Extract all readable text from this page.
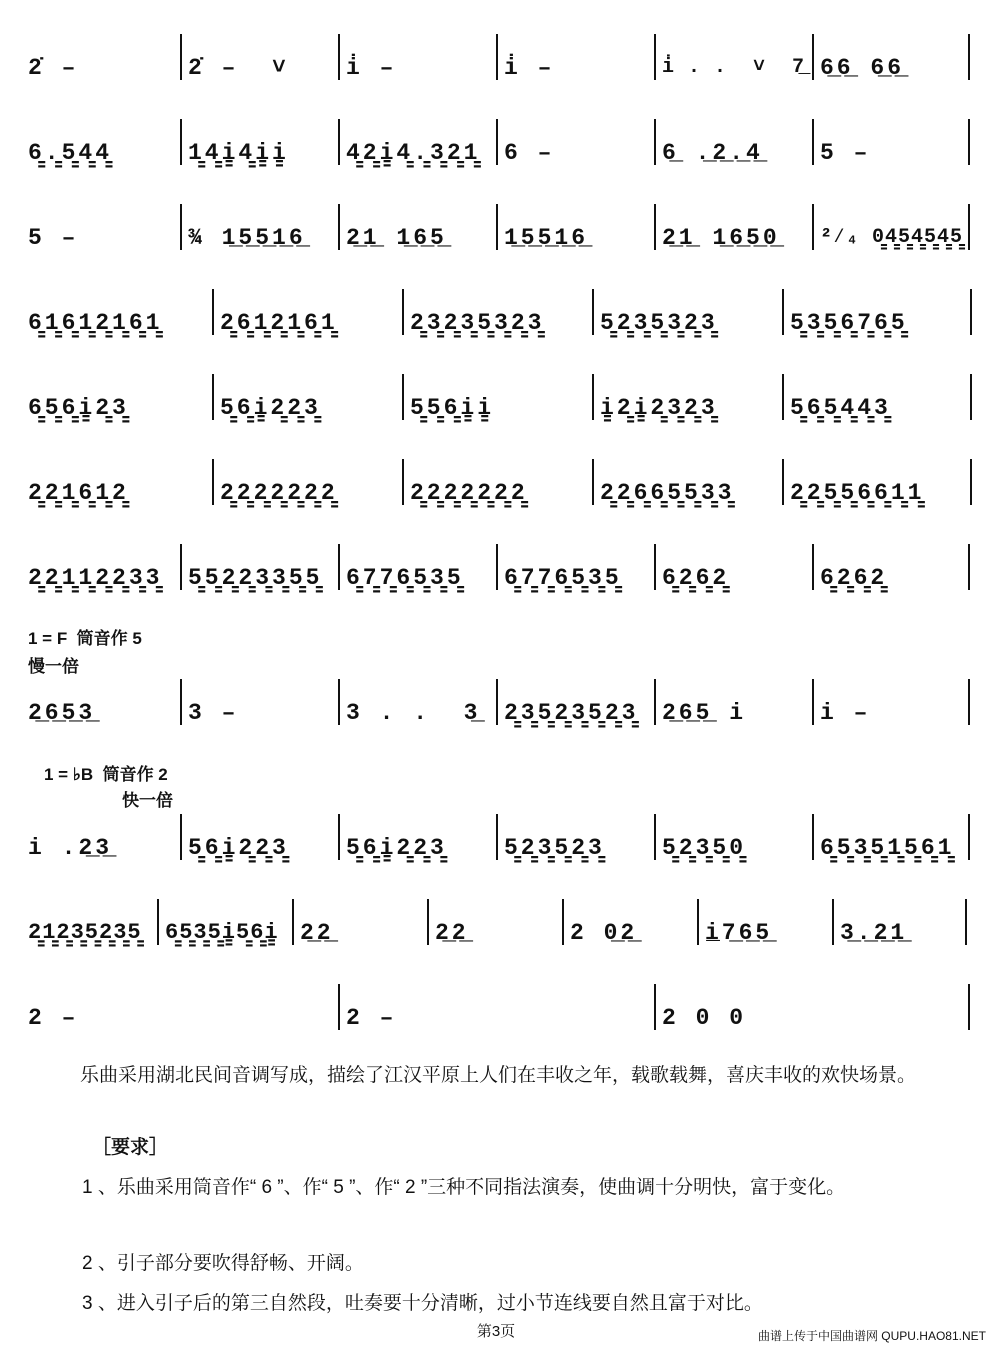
2̇ –	2̇ –  ˅ i̇ –	i̇ –	i̇ . .  ˅  7̲ 6̲6̲ 6̲6̲
6̳.̳5̳4̳4̳	1̳4̳i̳4̳i̳i̳ 4̳2̳i̳4̳.̳3̳2̳1̳ 6 –	6̲ .̲2̲.̲4̲ 5 –
5 –	¾ 1̲5̲5̲1̲6̲ 2̲1̲ 1̲6̲5̲ 1̲5̲5̲1̲6̲	2̲1̲ 1̲6̲5̲0̲ ²⁄₄ 0̳4̳5̳4̳5̳4̳5̳
6̳1̳6̳1̳2̳1̳6̳1̳	2̳6̳1̳2̳1̳6̳1̳	2̳3̳2̳3̳5̳3̳2̳3̳ 5̳2̳3̳5̳3̳2̳3̳	5̳3̳5̳6̳7̳6̳5̳
6̳5̳6̳i̳2̳3̳	5̳6̳i̳2̳2̳3̳	5̳5̳6̳i̳i̳	i̳2̳i̳2̳3̳2̳3̳	5̳6̳5̳4̳4̳3̳
2̳2̳1̳6̳1̳2̳	2̳2̳2̳2̳2̳2̳2̳	2̳2̳2̳2̳2̳2̳2̳	2̳2̳6̳6̳5̳5̳3̳3̳ 2̳2̳5̳5̳6̳6̳1̳1̳
2̳2̳1̳1̳2̳2̳3̳3̳ 5̳5̳2̳2̳3̳3̳5̳5̳ 6̳7̳7̳6̳5̳3̳5̳ 6̳7̳7̳6̳5̳3̳5̳ 6̳2̳6̳2̳	6̳2̳6̳2̳
2̲6̲5̲3̲	3 –	3 . .  3̲ 2̳3̳5̳2̳3̳5̳2̳3̳ 2̲6̲5̲ i	i –
i .2̲3̲	5̳6̳i̳2̳2̳3̳ 5̳6̳i̳2̳2̳3̳ 5̳2̳3̳5̳2̳3̳ 5̳2̳3̳5̳0̳	6̳5̳3̳5̳1̳5̳6̳1̳
2̳1̳2̳3̳5̳2̳3̳5̳ 6̳5̳3̳5̳i̳5̳6̳i̳ 2̲2̲	2̲2̲	2 0̲2̲	i̲7̲6̲5̲	3̲.̲2̲1̲
2 –	2 –	2 0 0
1 = F  筒音作 5
慢一倍
1 = ♭B  筒音作 2
快一倍
乐曲采用湖北民间音调写成，描绘了江汉平原上人们在丰收之年，载歌载舞，喜庆丰收的欢快场景。
［要求］
1 、乐曲采用筒音作“ 6 ”、作“ 5 ”、作“ 2 ”三种不同指法演奏，使曲调十分明快，富于变化。
2 、引子部分要吹得舒畅、开阔。
3 、进入引子后的第三自然段，吐奏要十分清晰，过小节连线要自然且富于对比。
第3页	曲谱上传于中国曲谱网 QUPU.HAO81.NET
